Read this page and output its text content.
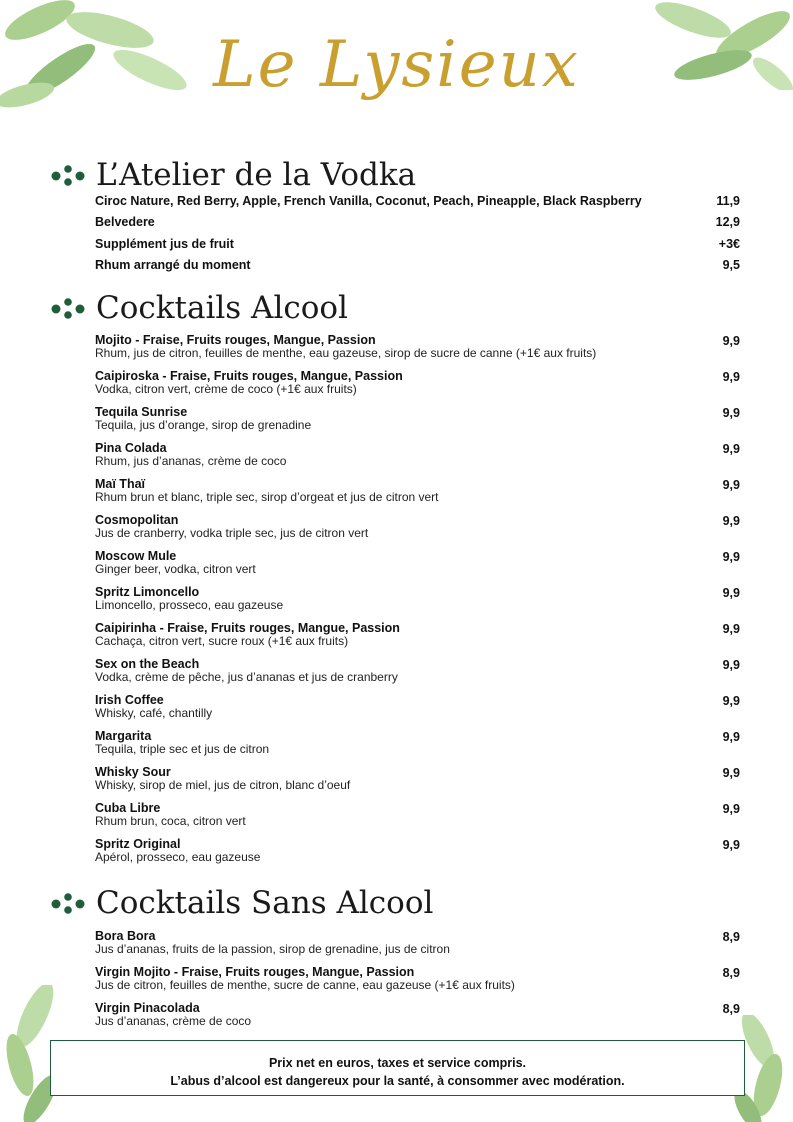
Le Lysieux
L’Atelier de la Vodka
Ciroc Nature, Red Berry, Apple, French Vanilla, Coconut, Peach, Pineapple, Black Raspberry	11,9
Belvedere	12,9
Supplément jus de fruit	+3€
Rhum arrangé du moment	9,5
Cocktails Alcool
Mojito - Fraise, Fruits rouges, Mangue, Passion
Rhum, jus de citron, feuilles de menthe, eau gazeuse, sirop de sucre de canne (+1€ aux fruits)
9,9
Caipiroska - Fraise, Fruits rouges, Mangue, Passion
Vodka, citron vert, crème de coco (+1€ aux fruits)
9,9
Tequila Sunrise
Tequila, jus d’orange, sirop de grenadine
9,9
Pina Colada
Rhum, jus d’ananas, crème de coco
9,9
Maï Thaï
Rhum brun et blanc, triple sec, sirop d’orgeat et jus de citron vert
9,9
Cosmopolitan
Jus de cranberry, vodka triple sec, jus de citron vert
9,9
Moscow Mule
Ginger beer, vodka, citron vert
9,9
Spritz Limoncello
Limoncello, prosseco, eau gazeuse
9,9
Caipirinha - Fraise, Fruits rouges, Mangue, Passion
Cachaça, citron vert, sucre roux (+1€ aux fruits)
9,9
Sex on the Beach
Vodka, crème de pêche, jus d’ananas et jus de cranberry
9,9
Irish Coffee
Whisky, café, chantilly
9,9
Margarita
Tequila, triple sec et jus de citron
9,9
Whisky Sour
Whisky, sirop de miel, jus de citron, blanc d’oeuf
9,9
Cuba Libre
Rhum brun, coca, citron vert
9,9
Spritz Original
Apérol, prosseco, eau gazeuse
9,9
Cocktails Sans Alcool
Bora Bora
Jus d’ananas, fruits de la passion, sirop de grenadine, jus de citron
8,9
Virgin Mojito - Fraise, Fruits rouges, Mangue, Passion
Jus de citron, feuilles de menthe, sucre de canne, eau gazeuse (+1€ aux fruits)
8,9
Virgin Pinacolada
Jus d’ananas, crème de coco
8,9
Prix net en euros, taxes et service compris.
L’abus d’alcool est dangereux pour la santé, à consommer avec modération.
